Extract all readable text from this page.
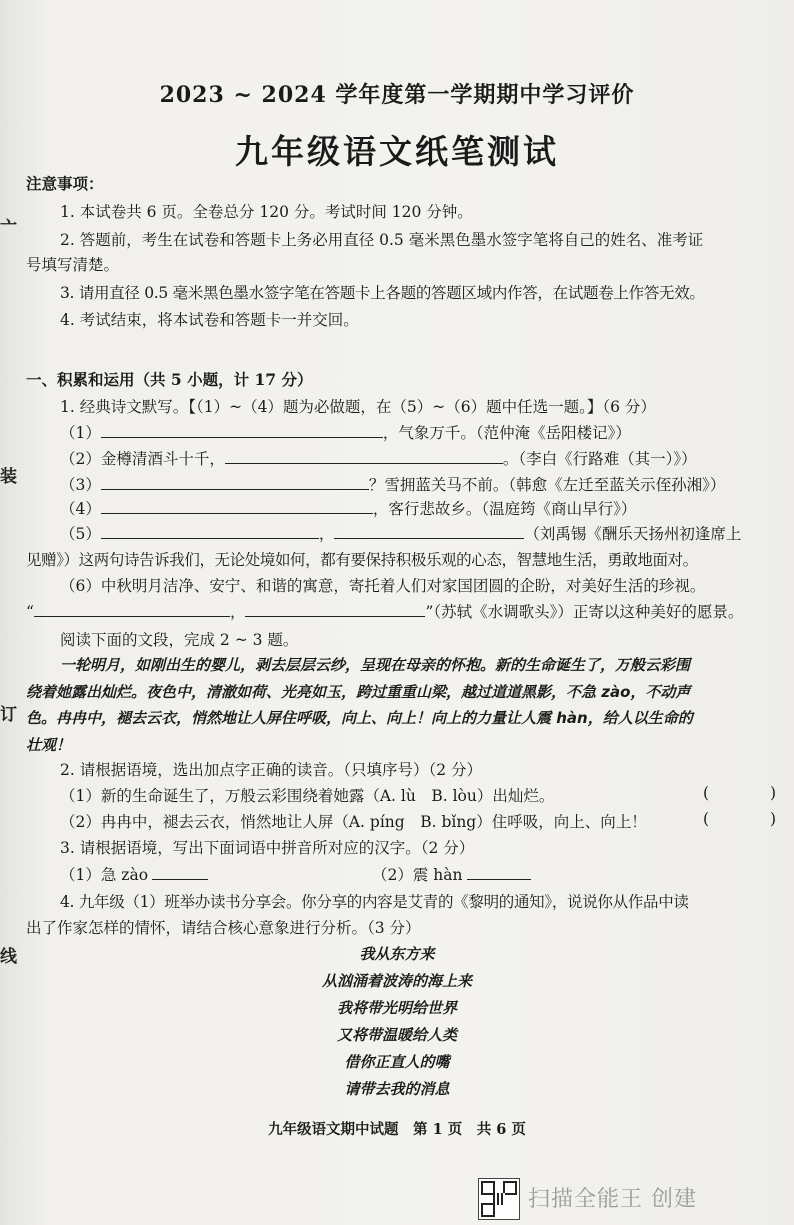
亠
装
订
线
2023 ~ 2024 学年度第一学期期中学习评价
九年级语文纸笔测试
注意事项：
1. 本试卷共 6 页。全卷总分 120 分。考试时间 120 分钟。
2. 答题前，考生在试卷和答题卡上务必用直径 0.5 毫米黑色墨水签字笔将自己的姓名、准考证
号填写清楚。
3. 请用直径 0.5 毫米黑色墨水签字笔在答题卡上各题的答题区域内作答，在试题卷上作答无效。
4. 考试结束，将本试卷和答题卡一并交回。
一、积累和运用（共 5 小题，计 17 分）
1. 经典诗文默写。【（1）~（4）题为必做题，在（5）~（6）题中任选一题。】（6 分）
（1）	，气象万千。（范仲淹《岳阳楼记》）
（2）金樽清酒斗十千，	。（李白《行路难（其一）》）
（3）	？雪拥蓝关马不前。（韩愈《左迁至蓝关示侄孙湘》）
（4）	，客行悲故乡。（温庭筠《商山早行》）
（5）	，	（刘禹锡《酬乐天扬州初逢席上
见赠》）这两句诗告诉我们，无论处境如何，都有要保持积极乐观的心态，智慧地生活，勇敢地面对。
（6）中秋明月洁净、安宁、和谐的寓意，寄托着人们对家国团圆的企盼，对美好生活的珍视。
“	，	”（苏轼《水调歌头》）正寄以这种美好的愿景。
阅读下面的文段，完成 2 ~ 3 题。
一轮明月，如刚出生的婴儿，剥去层层云纱，呈现在母亲的怀抱。新的生命诞生了，万般云彩围
绕着她露出灿烂。夜色中，清澈如荷、光亮如玉，跨过重重山梁，越过道道黑影，不急 zào，不动声
色。冉冉中，褪去云衣，悄然地让人屏住呼吸，向上、向上！向上的力量让人震 hàn，给人以生命的
壮观！
2. 请根据语境，选出加点字正确的读音。（只填序号）（2 分）
（1）新的生命诞生了，万般云彩围绕着她露（A. lù　B. lòu）出灿烂。	(	)
（2）冉冉中，褪去云衣，悄然地让人屏（A. píng　B. bǐng）住呼吸，向上、向上！	(	)
3. 请根据语境，写出下面词语中拼音所对应的汉字。（2 分）
（1）急 zào	（2）震 hàn
4. 九年级（1）班举办读书分享会。你分享的内容是艾青的《黎明的通知》，说说你从作品中读
出了作家怎样的情怀，请结合核心意象进行分析。（3 分）
我从东方来
从汹涌着波涛的海上来
我将带光明给世界
又将带温暖给人类
借你正直人的嘴
请带去我的消息
九年级语文期中试题　第 1 页　共 6 页
扫描全能王 创建
